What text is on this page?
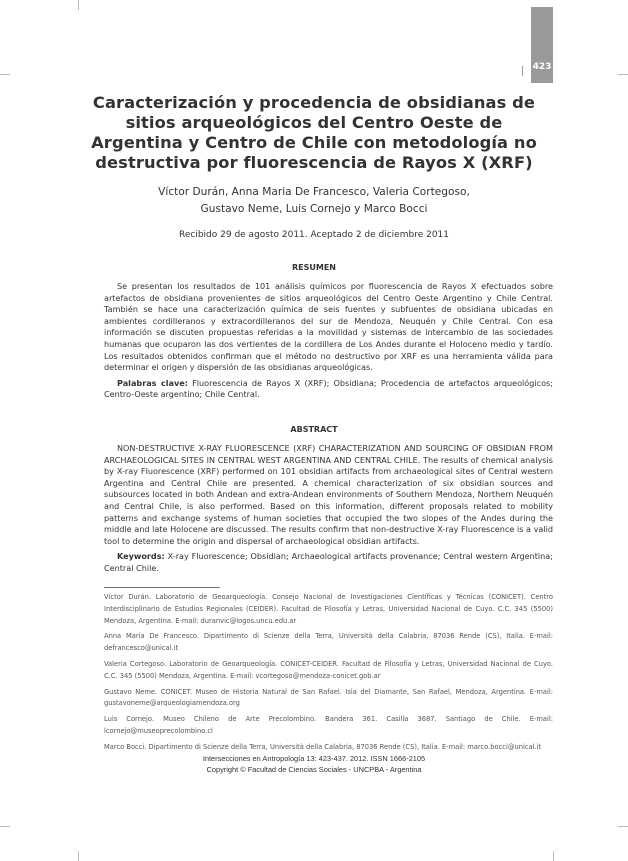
423
Caracterización y procedencia de obsidianas de sitios arqueológicos del Centro Oeste de Argentina y Centro de Chile con metodología no destructiva por fluorescencia de Rayos X (XRF)
Víctor Durán, Anna Maria De Francesco, Valeria Cortegoso,
Gustavo Neme, Luis Cornejo y Marco Bocci
Recibido 29 de agosto 2011. Aceptado 2 de diciembre 2011
RESUMEN

Se presentan los resultados de 101 análisis químicos por fluorescencia de Rayos X efectuados sobre artefactos de obsidiana provenientes de sitios arqueológicos del Centro Oeste Argentino y Chile Central. También se hace una caracterización química de seis fuentes y subfuentes de obsidiana ubicadas en ambientes cordilleranos y extracordilleranos del sur de Mendoza, Neuquén y Chile Central. Con esa información se discuten propuestas referidas a la movilidad y sistemas de intercambio de las sociedades humanas que ocuparon las dos vertientes de la cordillera de Los Andes durante el Holoceno medio y tardío. Los resultados obtenidos confirman que el método no destructivo por XRF es una herramienta válida para determinar el origen y dispersión de las obsidianas arqueológicas.

Palabras clave: Fluorescencia de Rayos X (XRF); Obsidiana; Procedencia de artefactos arqueológicos; Centro-Oeste argentino; Chile Central.

ABSTRACT

NON-DESTRUCTIVE X-RAY FLUORESCENCE (XRF) CHARACTERIZATION AND SOURCING OF OBSIDIAN FROM ARCHAEOLOGICAL SITES IN CENTRAL WEST ARGENTINA AND CENTRAL CHILE. The results of chemical analysis by X-ray Fluorescence (XRF) performed on 101 obsidian artifacts from archaeological sites of Central western Argentina and Central Chile are presented. A chemical characterization of six obsidian sources and subsources located in both Andean and extra-Andean environments of Southern Mendoza, Northern Neuquén and Central Chile, is also performed. Based on this information, different proposals related to mobility patterns and exchange systems of human societies that occupied the two slopes of the Andes during the middle and late Holocene are discussed. The results confirm that non-destructive X-ray Fluorescence is a valid tool to determine the origin and dispersal of archaeological obsidian artifacts.

Keywords: X-ray Fluorescence; Obsidian; Archaeological artifacts provenance; Central western Argentina; Central Chile.

Víctor Durán. Laboratorio de Geoarqueología. Consejo Nacional de Investigaciones Científicas y Técnicas (CONICET). Centro Interdisciplinario de Estudios Regionales (CEIDER). Facultad de Filosofía y Letras, Universidad Nacional de Cuyo. C.C. 345 (5500) Mendoza, Argentina. E-mail: duranvic@logos.uncu.edu.ar

Anna Maria De Francesco. Dipartimento di Scienze della Terra, Università della Calabria, 87036 Rende (CS), Italia. E-mail: defrancesco@unical.it

Valeria Cortegoso. Laboratorio de Geoarqueología. CONICET-CEIDER. Facultad de Filosofía y Letras, Universidad Nacional de Cuyo. C.C. 345 (5500) Mendoza, Argentina. E-mail: vcortegoso@mendoza-conicet.gob.ar

Gustavo Neme. CONICET. Museo de Historia Natural de San Rafael. Isla del Diamante, San Rafael, Mendoza, Argentina. E-mail: gustavoneme@arqueologiamendoza.org

Luis Cornejo. Museo Chileno de Arte Precolombino. Bandera 361. Casilla 3687. Santiago de Chile. E-mail: lcornejo@museoprecolombino.cl

Marco Bocci. Dipartimento di Scienze della Terra, Università della Calabria, 87036 Rende (CS), Italia. E-mail: marco.bocci@unical.it

Intersecciones en Antropología 13: 423-437. 2012. ISSN 1666-2105
Copyright © Facultad de Ciencias Sociales - UNCPBA - Argentina
